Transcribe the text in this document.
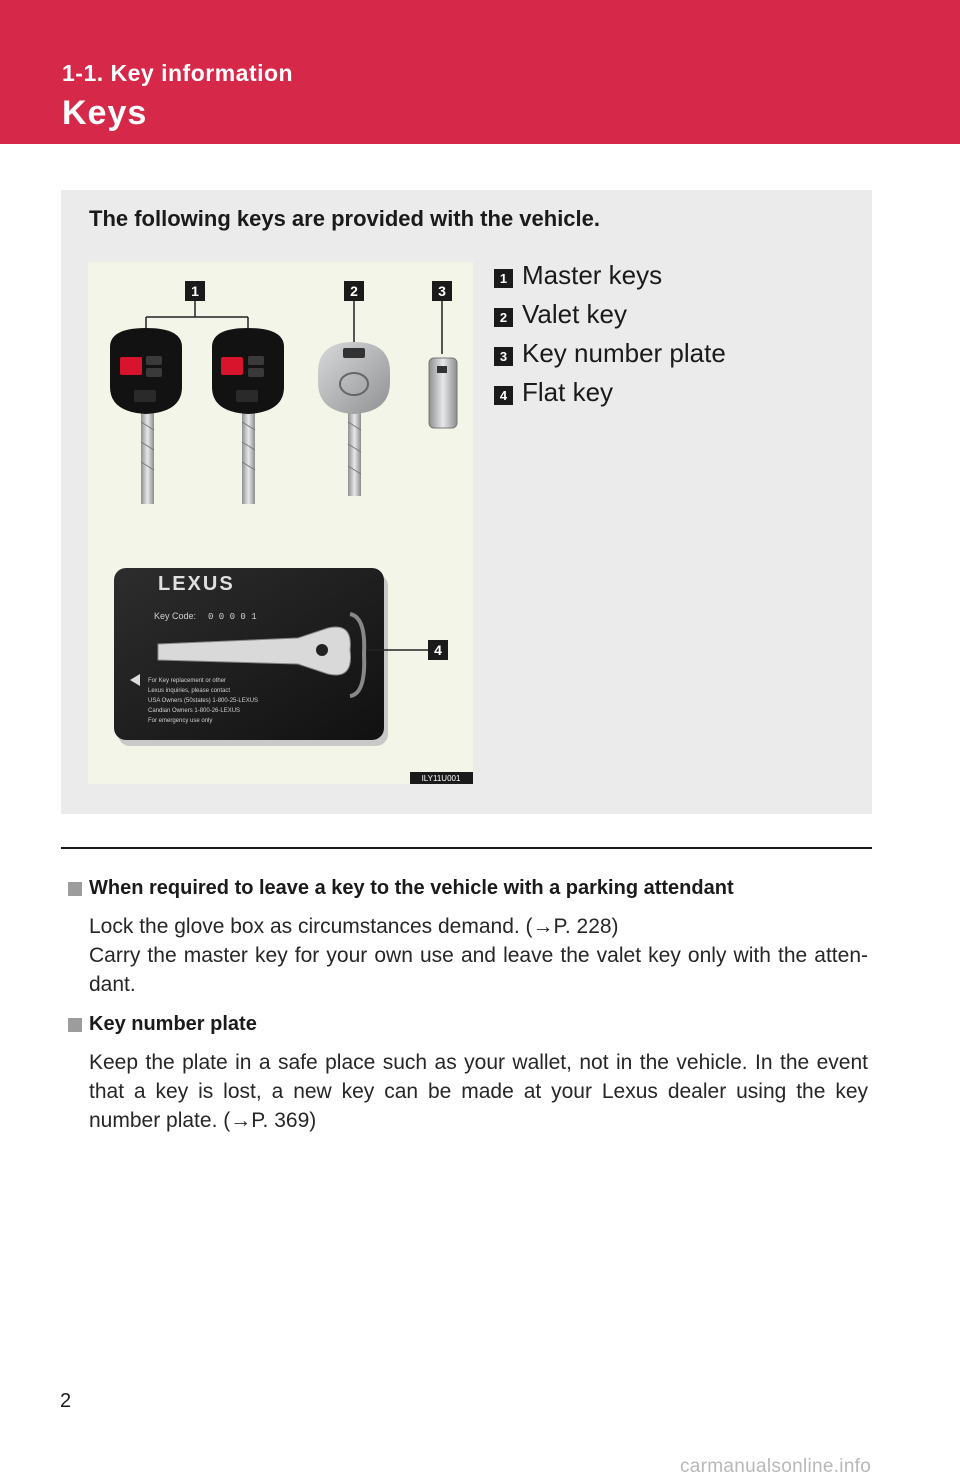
1-1. Key information
Keys
The following keys are provided with the vehicle.
1	2	3
LEXUS
Key Code: 0 0 0 0 1
For Key replacement or other
Lexus inquiries, please contact
USA Owners (50states) 1-800-25-LEXUS
Candian Owners 1-800-26-LEXUS
For emergency use only
4
ILY11U001
1 Master keys
2 Valet key
3 Key number plate
4 Flat key
When required to leave a key to the vehicle with a parking attendant

Lock the glove box as circumstances demand. (→P. 228)

Carry the master key for your own use and leave the valet key only with the atten-dant.

Key number plate

Keep the plate in a safe place such as your wallet, not in the vehicle. In the event that a key is lost, a new key can be made at your Lexus dealer using the key number plate. (→P. 369)

2
carmanualsonline.info
